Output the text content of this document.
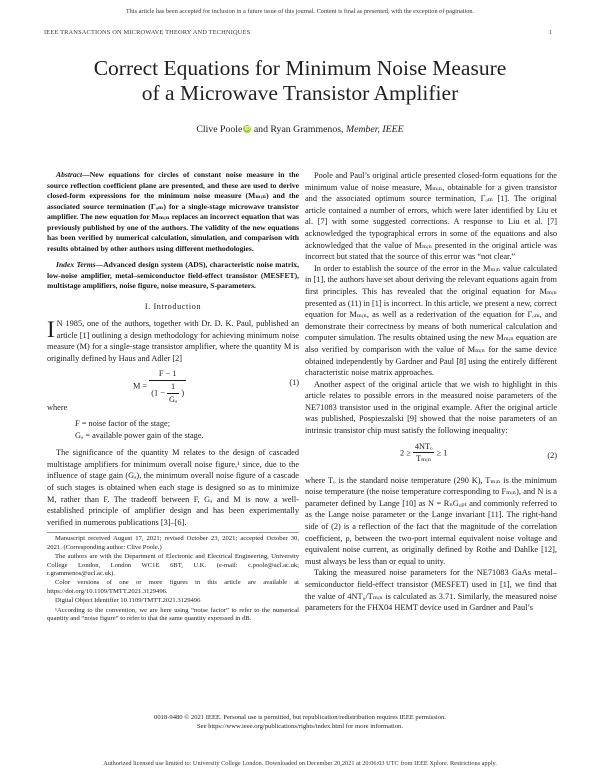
This article has been accepted for inclusion in a future issue of this journal. Content is final as presented, with the exception of pagination.
IEEE TRANSACTIONS ON MICROWAVE THEORY AND TECHNIQUES	1
Correct Equations for Minimum Noise Measure
of a Microwave Transistor Amplifier
Clive Poole iD and Ryan Grammenos, Member, IEEE

Abstract—New equations for circles of constant noise measure in the source reflection coefficient plane are presented, and these are used to derive closed-form expressions for the minimum noise measure (Mₘᵢₙ) and the associated source termination (Γₒₘ) for a single-stage microwave transistor amplifier. The new equation for Mₘᵢₙ replaces an incorrect equation that was previously published by one of the authors. The validity of the new equations has been verified by numerical calculation, simulation, and comparison with results obtained by other authors using different methodologies.

Index Terms—Advanced design system (ADS), characteristic noise matrix, low-noise amplifier, metal–semiconductor field-effect transistor (MESFET), multistage amplifiers, noise figure, noise measure, S-parameters.

I. Introduction

I N 1985, one of the authors, together with Dr. D. K. Paul, published an article [1] outlining a design methodology for achieving minimum noise measure (M) for a single-stage transistor amplifier, where the quantity M is originally defined by Haus and Adler [2]

$M = \frac{F - 1}{(1 - \frac{1}{\text{Gₐ}} )}$	(1)

where

F = noise factor of the stage;
Gₐ = available power gain of the stage.

The significance of the quantity M relates to the design of cascaded multistage amplifiers for minimum overall noise figure,¹ since, due to the influence of stage gain (Gₐ), the minimum overall noise figure of a cascade of such stages is obtained when each stage is designed so as to minimize M, rather than F. The tradeoff between F, Gₐ and M is now a well-established principle of amplifier design and has been experimentally verified in numerous publications [3]–[6].

Manuscript received August 17, 2021; revised October 23, 2021; accepted October 30, 2021. (Corresponding author: Clive Poole.)

The authors are with the Department of Electronic and Electrical Engineering, University College London, London WC1E 6BT, U.K. (e-mail: c.poole@ucl.ac.uk; r.grammenos@ucl.ac.uk).

Color versions of one or more figures in this article are available at https://doi.org/10.1109/TMTT.2021.3129496.

Digital Object Identifier 10.1109/TMTT.2021.3129496

¹According to the convention, we are here using “noise factor” to refer to the numerical quantity and “noise figure” to refer to that the same quantity expressed in dB.

Poole and Paul’s original article presented closed-form equations for the minimum value of noise measure, Mₘᵢₙ, obtainable for a given transistor and the associated optimum source termination, Γₒₘ [1]. The original article contained a number of errors, which were later identified by Liu et al. [7] with some suggested corrections. A response to Liu et al. [7] acknowledged the typographical errors in some of the equations and also acknowledged that the value of Mₘᵢₙ presented in the original article was incorrect but stated that the source of this error was “not clear.”

In order to establish the source of the error in the Mₘᵢₙ value calculated in [1], the authors have set about deriving the relevant equations again from first principles. This has revealed that the original equation for Mₘᵢₙ presented as (11) in [1] is incorrect. In this article, we present a new, correct equation for Mₘᵢₙ, as well as a rederivation of the equation for Γₒₘ, and demonstrate their correctness by means of both numerical calculation and computer simulation. The results obtained using the new Mₘᵢₙ equation are also verified by comparison with the value of Mₘᵢₙ for the same device obtained independently by Gardner and Paul [8] using the entirely different characteristic noise matrix approaches.

Another aspect of the original article that we wish to highlight in this article relates to possible errors in the measured noise parameters of the NE71083 transistor used in the original example. After the original article was published, Pospieszalski [9] showed that the noise parameters of an intrinsic transistor chip must satisfy the following inequality:

$2 \ge \frac{\text{4NTₒ}}{\text{Tₘᵢₙ}} \ge 1$	(2)

where Tₒ is the standard noise temperature (290 K), Tₘᵢₙ is the minimum noise temperature (the noise temperature corresponding to Fₘᵢₙ), and N is a parameter defined by Lange [10] as N = RₙGₒₚₜ and commonly referred to as the Lange noise parameter or the Lange invariant [11]. The right-hand side of (2) is a reflection of the fact that the magnitude of the correlation coefficient, ρ, between the two-port internal equivalent noise voltage and equivalent noise current, as originally defined by Rothe and Dahlke [12], must always be less than or equal to unity.

Taking the measured noise parameters for the NE71083 GaAs metal–semiconductor field-effect transistor (MESFET) used in [1], we find that the value of 4NT₀/Tₘᵢₙ is calculated as 3.71. Similarly, the measured noise parameters for the FHX04 HEMT device used in Gardner and Paul’s

0018-9480 © 2021 IEEE. Personal use is permitted, but republication/redistribution requires IEEE permission.
See https://www.ieee.org/publications/rights/index.html for more information.
Authorized licensed use limited to: University College London. Downloaded on December 20,2021 at 20:06:03 UTC from IEEE Xplore. Restrictions apply.
